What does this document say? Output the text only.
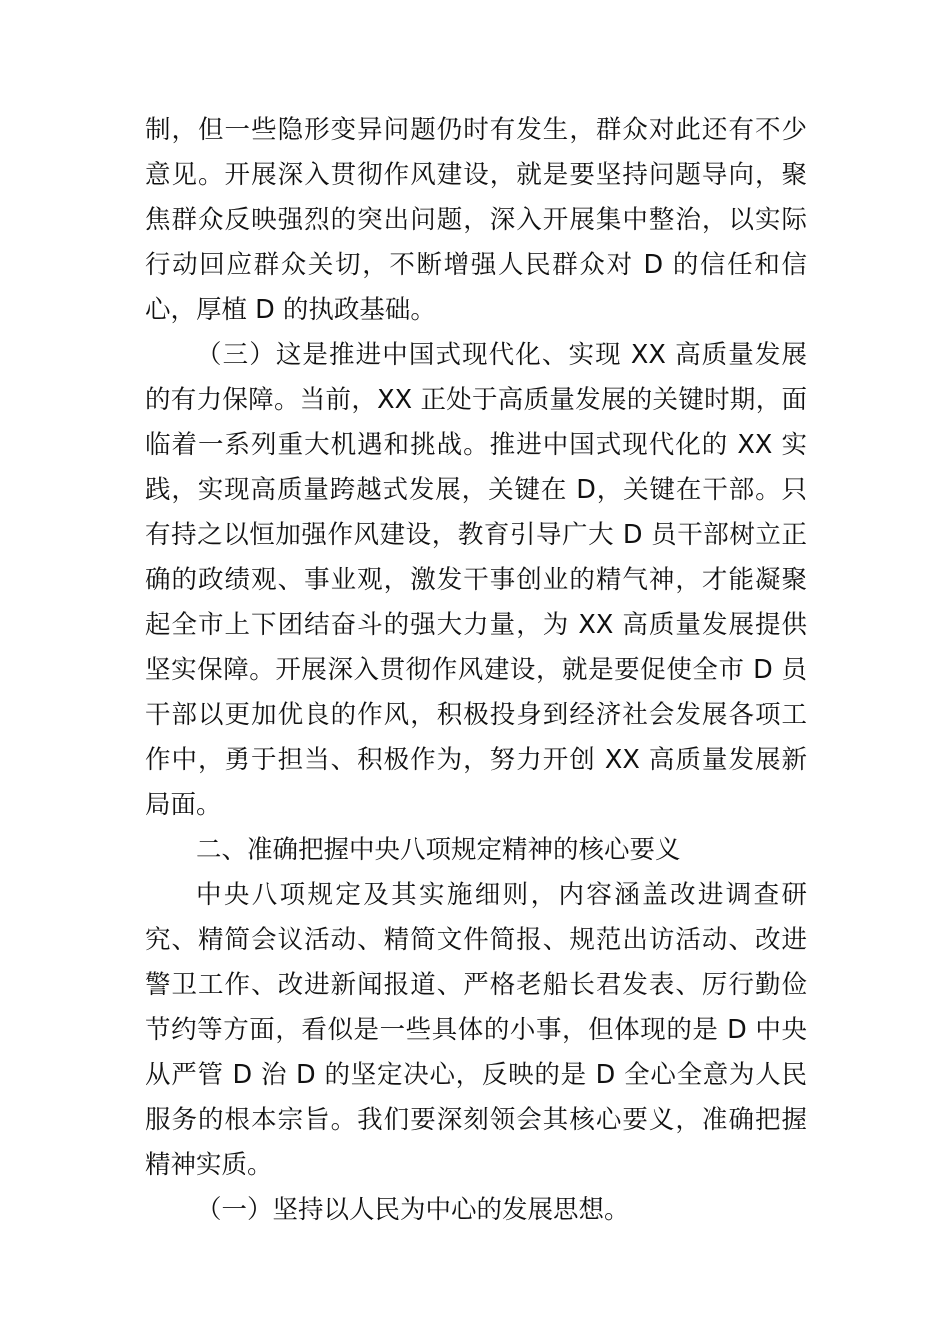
制，但一些隐形变异问题仍时有发生，群众对此还有不少意见。开展深入贯彻作风建设，就是要坚持问题导向，聚焦群众反映强烈的突出问题，深入开展集中整治，以实际行动回应群众关切，不断增强人民群众对 D 的信任和信心，厚植 D 的执政基础。

（三）这是推进中国式现代化、实现 XX 高质量发展的有力保障。当前，XX 正处于高质量发展的关键时期，面临着一系列重大机遇和挑战。推进中国式现代化的 XX 实践，实现高质量跨越式发展，关键在 D，关键在干部。只有持之以恒加强作风建设，教育引导广大 D 员干部树立正确的政绩观、事业观，激发干事创业的精气神，才能凝聚起全市上下团结奋斗的强大力量，为 XX 高质量发展提供坚实保障。开展深入贯彻作风建设，就是要促使全市 D 员干部以更加优良的作风，积极投身到经济社会发展各项工作中，勇于担当、积极作为，努力开创 XX 高质量发展新局面。

二、准确把握中央八项规定精神的核心要义

中央八项规定及其实施细则，内容涵盖改进调查研究、精简会议活动、精简文件简报、规范出访活动、改进警卫工作、改进新闻报道、严格老船长君发表、厉行勤俭节约等方面，看似是一些具体的小事，但体现的是 D 中央从严管 D 治 D 的坚定决心，反映的是 D 全心全意为人民服务的根本宗旨。我们要深刻领会其核心要义，准确把握精神实质。

（一）坚持以人民为中心的发展思想。
